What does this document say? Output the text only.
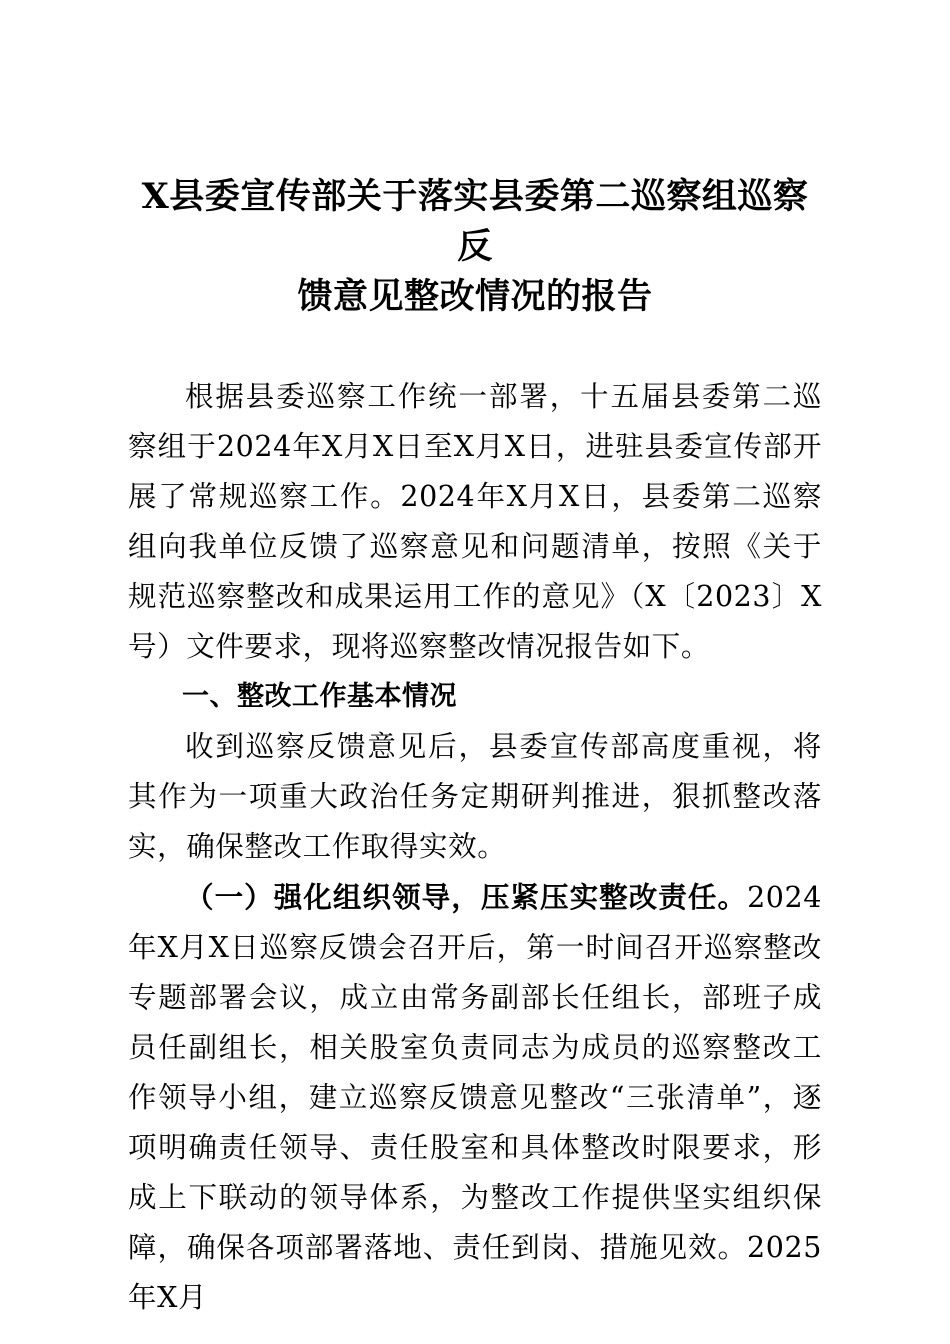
X县委宣传部关于落实县委第二巡察组巡察反
馈意见整改情况的报告

根据县委巡察工作统一部署，十五届县委第二巡察组于2024年X月X日至X月X日，进驻县委宣传部开展了常规巡察工作。2024年X月X日，县委第二巡察组向我单位反馈了巡察意见和问题清单，按照《关于规范巡察整改和成果运用工作的意见》（X〔2023〕X号）文件要求，现将巡察整改情况报告如下。

一、整改工作基本情况

收到巡察反馈意见后，县委宣传部高度重视，将其作为一项重大政治任务定期研判推进，狠抓整改落实，确保整改工作取得实效。

（一）强化组织领导，压紧压实整改责任。2024年X月X日巡察反馈会召开后，第一时间召开巡察整改专题部署会议，成立由常务副部长任组长，部班子成员任副组长，相关股室负责同志为成员的巡察整改工作领导小组，建立巡察反馈意见整改“三张清单”，逐项明确责任领导、责任股室和具体整改时限要求，形成上下联动的领导体系，为整改工作提供坚实组织保障，确保各项部署落地、责任到岗、措施见效。2025年X月
